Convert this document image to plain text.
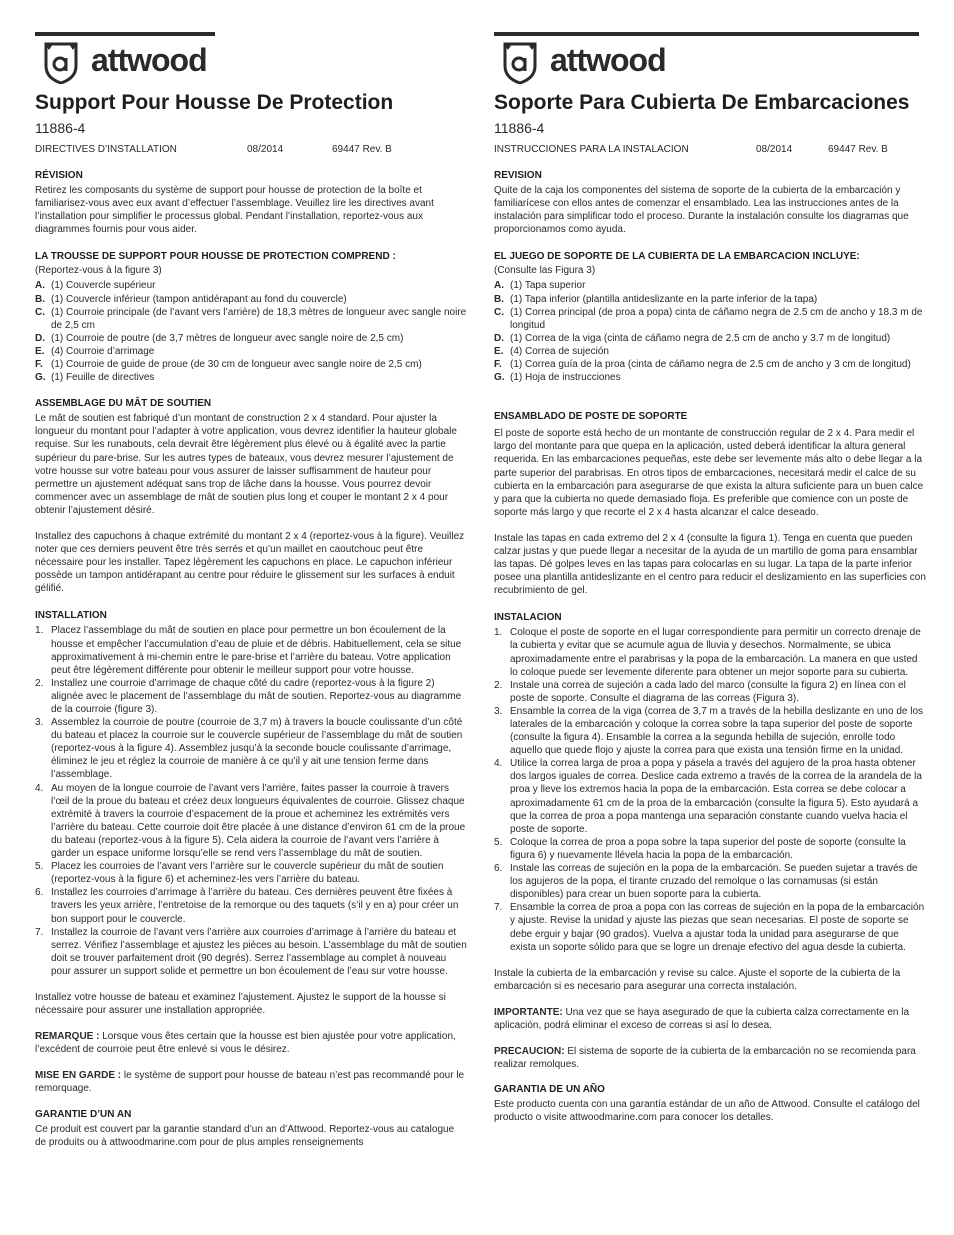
attwood
Support Pour Housse De Protection
11886-4
DIRECTIVES D’INSTALLATION	08/2014	69447 Rev. B
RÉVISION

Retirez les composants du système de support pour housse de protection de la boîte et familiarisez-vous avec eux avant d’effectuer l’assemblage. Veuillez lire les directives avant l’installation pour simplifier le processus global. Pendant l’installation, reportez-vous aux diagrammes fournis pour vous aider.

LA TROUSSE DE SUPPORT POUR HOUSSE DE PROTECTION COMPREND :
(Reportez-vous à la figure 3)
A. (1) Couvercle supérieur
B. (1) Couvercle inférieur (tampon antidérapant au fond du couvercle)
C. (1) Courroie principale (de l’avant vers l’arrière) de 18,3 mètres de longueur avec sangle noire de 2,5 cm
D. (1) Courroie de poutre (de 3,7 mètres de longueur avec sangle noire de 2,5 cm)
E. (4) Courroie d’arrimage
F. (1) Courroie de guide de proue (de 30 cm de longueur avec sangle noire de 2,5 cm)
G. (1) Feuille de directives
ASSEMBLAGE DU MÂT DE SOUTIEN

Le mât de soutien est fabriqué d’un montant de construction 2 x 4 standard. Pour ajuster la longueur du montant pour l’adapter à votre application, vous devrez identifier la hauteur globale requise. Sur les runabouts, cela devrait être légèrement plus élevé ou à égalité avec la partie supérieur du pare-brise. Sur les autres types de bateaux, vous devrez mesurer l’ajustement de votre housse sur votre bateau pour vous assurer de laisser suffisamment de hauteur pour permettre un ajustement adéquat sans trop de lâche dans la housse. Vous pourrez devoir commencer avec un assemblage de mât de soutien plus long et couper le montant 2 x 4 pour obtenir l’ajustement désiré.

Installez des capuchons à chaque extrémité du montant 2 x 4 (reportez-vous à la figure). Veuillez noter que ces derniers peuvent être très serrés et qu’un maillet en caoutchouc peut être nécessaire pour les installer. Tapez légèrement les capuchons en place. Le capuchon inférieur possède un tampon antidérapant au centre pour réduire le glissement sur les surfaces à enduit gélifié.

INSTALLATION
1. Placez l’assemblage du mât de soutien en place pour permettre un bon écoulement de la housse et empêcher l’accumulation d’eau de pluie et de débris. Habituellement, cela se situe approximativement à mi-chemin entre le pare-brise et l’arrière du bateau. Votre application peut être légèrement différente pour obtenir le meilleur support pour votre housse.
2. Installez une courroie d’arrimage de chaque côté du cadre (reportez-vous à la figure 2) alignée avec le placement de l’assemblage du mât de soutien. Reportez-vous au diagramme de la courroie (figure 3).
3. Assemblez la courroie de poutre (courroie de 3,7 m) à travers la boucle coulissante d’un côté du bateau et placez la courroie sur le couvercle supérieur de l’assemblage du mât de soutien (reportez-vous à la figure 4). Assemblez jusqu’à la seconde boucle coulissante d’arrimage, éliminez le jeu et réglez la courroie de manière à ce qu’il y ait une tension ferme dans l’assemblage.
4. Au moyen de la longue courroie de l’avant vers l’arrière, faites passer la courroie à travers l’œil de la proue du bateau et créez deux longueurs équivalentes de courroie. Glissez chaque extrémité à travers la courroie d’espacement de la proue et acheminez les extrémités vers l’arrière du bateau. Cette courroie doit être placée à une distance d’environ 61 cm de la proue du bateau (reportez-vous à la figure 5). Cela aidera la courroie de l’avant vers l’arrière à garder un espace uniforme lorsqu’elle se rend vers l’assemblage du mât de soutien.
5. Placez les courroies de l’avant vers l’arrière sur le couvercle supérieur du mât de soutien (reportez-vous à la figure 6) et acheminez-les vers l’arrière du bateau.
6. Installez les courroies d’arrimage à l’arrière du bateau. Ces dernières peuvent être fixées à travers les yeux arrière, l’entretoise de la remorque ou des taquets (s’il y en a) pour créer un bon support pour le couvercle.
7. Installez la courroie de l’avant vers l’arrière aux courroies d’arrimage à l’arrière du bateau et serrez. Vérifiez l’assemblage et ajustez les pièces au besoin. L’assemblage du mât de soutien doit se trouver parfaitement droit (90 degrés). Serrez l’assemblage au complet à nouveau pour assurer un support solide et permettre un bon écoulement de l’eau sur votre housse.

Installez votre housse de bateau et examinez l’ajustement. Ajustez le support de la housse si nécessaire pour assurer une installation appropriée.

REMARQUE : Lorsque vous êtes certain que la housse est bien ajustée pour votre application, l’excédent de courroie peut être enlevé si vous le désirez.

MISE EN GARDE : le système de support pour housse de bateau n’est pas recommandé pour le remorquage.

GARANTIE D’UN AN

Ce produit est couvert par la garantie standard d’un an d’Attwood. Reportez-vous au catalogue de produits ou à attwoodmarine.com pour de plus amples renseignements

attwood
Soporte Para Cubierta De Embarcaciones
11886-4
INSTRUCCIONES PARA LA INSTALACION	08/2014	69447 Rev. B
REVISION

Quite de la caja los componentes del sistema de soporte de la cubierta de la embarcación y familiarícese con ellos antes de comenzar el ensamblado. Lea las instrucciones antes de la instalación para simplificar todo el proceso. Durante la instalación consulte los diagramas que proporcionamos como ayuda.

EL JUEGO DE SOPORTE DE LA CUBIERTA DE LA EMBARCACION INCLUYE:
(Consulte las Figura 3)
A. (1) Tapa superior
B. (1) Tapa inferior (plantilla antideslizante en la parte inferior de la tapa)
C. (1) Correa principal (de proa a popa) cinta de cáñamo negra de 2.5 cm de ancho y 18.3 m de longitud
D. (1) Correa de la viga (cinta de cáñamo negra de 2.5 cm de ancho y 3.7 m de longitud)
E. (4) Correa de sujeción
F. (1) Correa guía de la proa (cinta de cáñamo negra de 2.5 cm de ancho y 3 cm de longitud)
G. (1) Hoja de instrucciones
ENSAMBLADO DE POSTE DE SOPORTE

El poste de soporte está hecho de un montante de construcción regular de 2 x 4. Para medir el largo del montante para que quepa en la aplicación, usted deberá identificar la altura general requerida. En las embarcaciones pequeñas, este debe ser levemente más alto o debe llegar a la parte superior del parabrisas. En otros tipos de embarcaciones, necesitará medir el calce de su cubierta en la embarcación para asegurarse de que exista la altura suficiente para un buen calce y para que la cubierta no quede demasiado floja. Es preferible que comience con un poste de soporte más largo y que recorte el 2 x 4 hasta alcanzar el calce deseado.

Instale las tapas en cada extremo del 2 x 4 (consulte la figura 1). Tenga en cuenta que pueden calzar justas y que puede llegar a necesitar de la ayuda de un martillo de goma para ensamblar las tapas. Dé golpes leves en las tapas para colocarlas en su lugar. La tapa de la parte inferior posee una plantilla antideslizante en el centro para reducir el deslizamiento en las superficies con recubrimiento de gel.

INSTALACION
1. Coloque el poste de soporte en el lugar correspondiente para permitir un correcto drenaje de la cubierta y evitar que se acumule agua de lluvia y desechos. Normalmente, se ubica aproximadamente entre el parabrisas y la popa de la embarcación. La manera en que usted lo coloque puede ser levemente diferente para obtener un mejor soporte para su cubierta.
2. Instale una correa de sujeción a cada lado del marco (consulte la figura 2) en línea con el poste de soporte. Consulte el diagrama de las correas (Figura 3).
3. Ensamble la correa de la viga (correa de 3,7 m a través de la hebilla deslizante en uno de los laterales de la embarcación y coloque la correa sobre la tapa superior del poste de soporte (consulte la figura 4). Ensamble la correa a la segunda hebilla de sujeción, enrolle todo aquello que quede flojo y ajuste la correa para que exista una tensión firme en la unidad.
4. Utilice la correa larga de proa a popa y pásela a través del agujero de la proa hasta obtener dos largos iguales de correa. Deslice cada extremo a través de la correa de la arandela de la proa y lleve los extremos hacia la popa de la embarcación. Esta correa se debe colocar a aproximadamente 61 cm de la proa de la embarcación (consulte la figura 5). Esto ayudará a que la correa de proa a popa mantenga una separación constante cuando vuelva hacia el poste de soporte.
5. Coloque la correa de proa a popa sobre la tapa superior del poste de soporte (consulte la figura 6) y nuevamente llévela hacia la popa de la embarcación.
6. Instale las correas de sujeción en la popa de la embarcación. Se pueden sujetar a través de los agujeros de la popa, el tirante cruzado del remolque o las cornamusas (si están disponibles) para crear un buen soporte para la cubierta.
7. Ensamble la correa de proa a popa con las correas de sujeción en la popa de la embarcación y ajuste. Revise la unidad y ajuste las piezas que sean necesarias. El poste de soporte se debe erguir y bajar (90 grados). Vuelva a ajustar toda la unidad para asegurarse de que exista un soporte sólido para que se logre un drenaje efectivo del agua desde la cubierta.

Instale la cubierta de la embarcación y revise su calce. Ajuste el soporte de la cubierta de la embarcación si es necesario para asegurar una correcta instalación.

IMPORTANTE: Una vez que se haya asegurado de que la cubierta calza correctamente en la aplicación, podrá eliminar el exceso de correas si así lo desea.

PRECAUCION: El sistema de soporte de la cubierta de la embarcación no se recomienda para realizar remolques.

GARANTIA DE UN AÑO

Este producto cuenta con una garantía estándar de un año de Attwood. Consulte el catálogo del producto o visite attwoodmarine.com para conocer los detalles.
